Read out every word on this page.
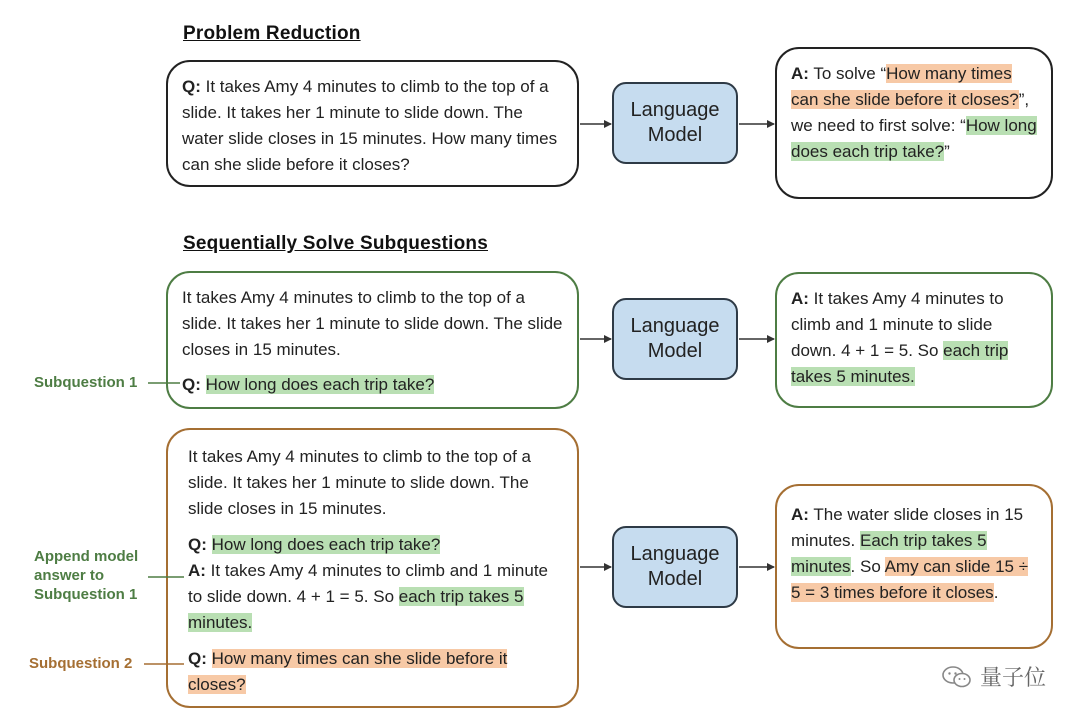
Problem Reduction

Q: It takes Amy 4 minutes to climb to the top of a slide. It takes her 1 minute to slide down. The water slide closes in 15 minutes. How many times can she slide before it closes?

Language Model

A: To solve “How many times can she slide before it closes?”, we need to first solve: “How long does each trip take?”

Sequentially Solve Subquestions

It takes Amy 4 minutes to climb to the top of a slide. It takes her 1 minute to slide down. The slide closes in 15 minutes.

Q: How long does each trip take?

Subquestion 1
Language Model

A: It takes Amy 4 minutes to climb and 1 minute to slide down. 4 + 1 = 5. So each trip takes 5 minutes.

It takes Amy 4 minutes to climb to the top of a slide. It takes her 1 minute to slide down. The slide closes in 15 minutes.

Q: How long does each trip take?

A: It takes Amy 4 minutes to climb and 1 minute to slide down. 4 + 1 = 5. So each trip takes 5 minutes.

Q: How many times can she slide before it closes?

Append model answer to Subquestion 1
Subquestion 2
Language Model

A: The water slide closes in 15 minutes. Each trip takes 5 minutes. So Amy can slide 15 ÷ 5 = 3 times before it closes.

量子位
